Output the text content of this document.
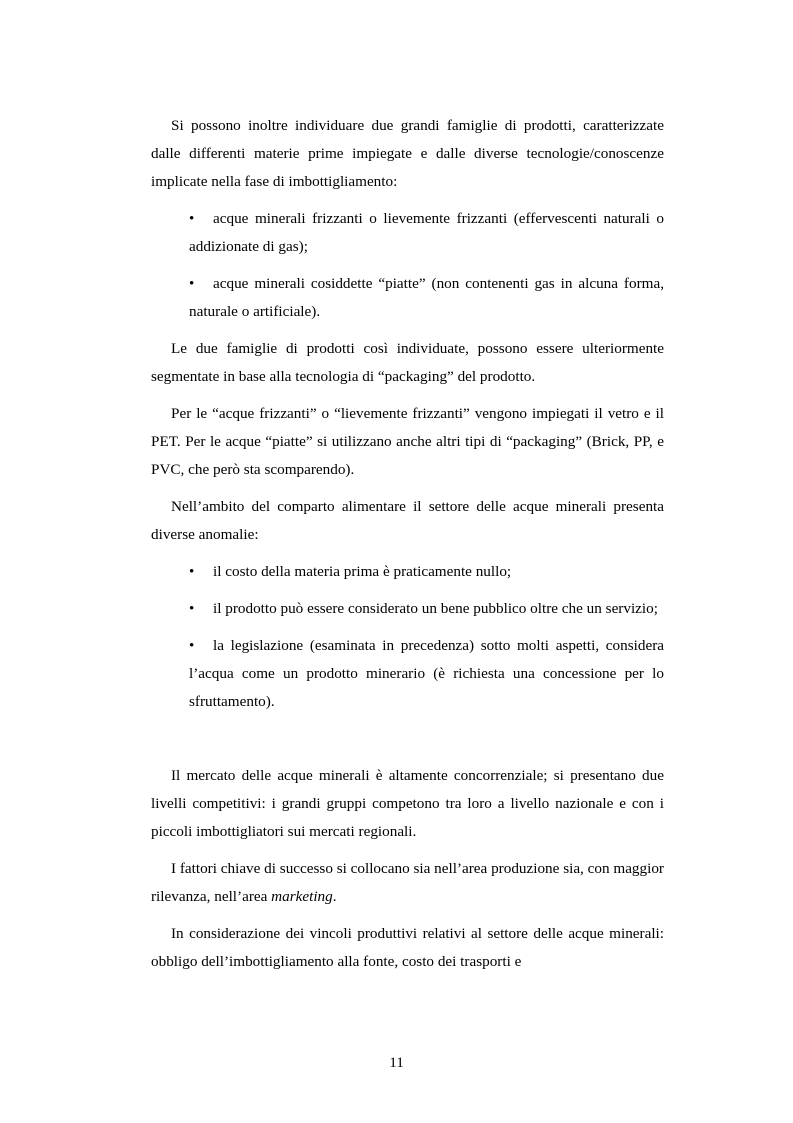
Si possono inoltre individuare due grandi famiglie di prodotti, caratterizzate dalle differenti materie prime impiegate e dalle diverse tecnologie/conoscenze implicate nella fase di imbottigliamento:

• acque minerali frizzanti o lievemente frizzanti (effervescenti naturali o addizionate di gas);
• acque minerali cosiddette “piatte” (non contenenti gas in alcuna forma, naturale o artificiale).

Le due famiglie di prodotti così individuate, possono essere ulteriormente segmentate in base alla tecnologia di “packaging” del prodotto.

Per le “acque frizzanti” o “lievemente frizzanti” vengono impiegati il vetro e il PET. Per le acque “piatte” si utilizzano anche altri tipi di “packaging” (Brick, PP, e PVC, che però sta scomparendo).

Nell’ambito del comparto alimentare il settore delle acque minerali presenta diverse anomalie:

• il costo della materia prima è praticamente nullo;
• il prodotto può essere considerato un bene pubblico oltre che un servizio;
• la legislazione (esaminata in precedenza) sotto molti aspetti, considera l’acqua come un prodotto minerario (è richiesta una concessione per lo sfruttamento).

Il mercato delle acque minerali è altamente concorrenziale; si presentano due livelli competitivi: i grandi gruppi competono tra loro a livello nazionale e con i piccoli imbottigliatori sui mercati regionali.

I fattori chiave di successo si collocano sia nell’area produzione sia, con maggior rilevanza, nell’area marketing.

In considerazione dei vincoli produttivi relativi al settore delle acque minerali: obbligo dell’imbottigliamento alla fonte, costo dei trasporti e

11
